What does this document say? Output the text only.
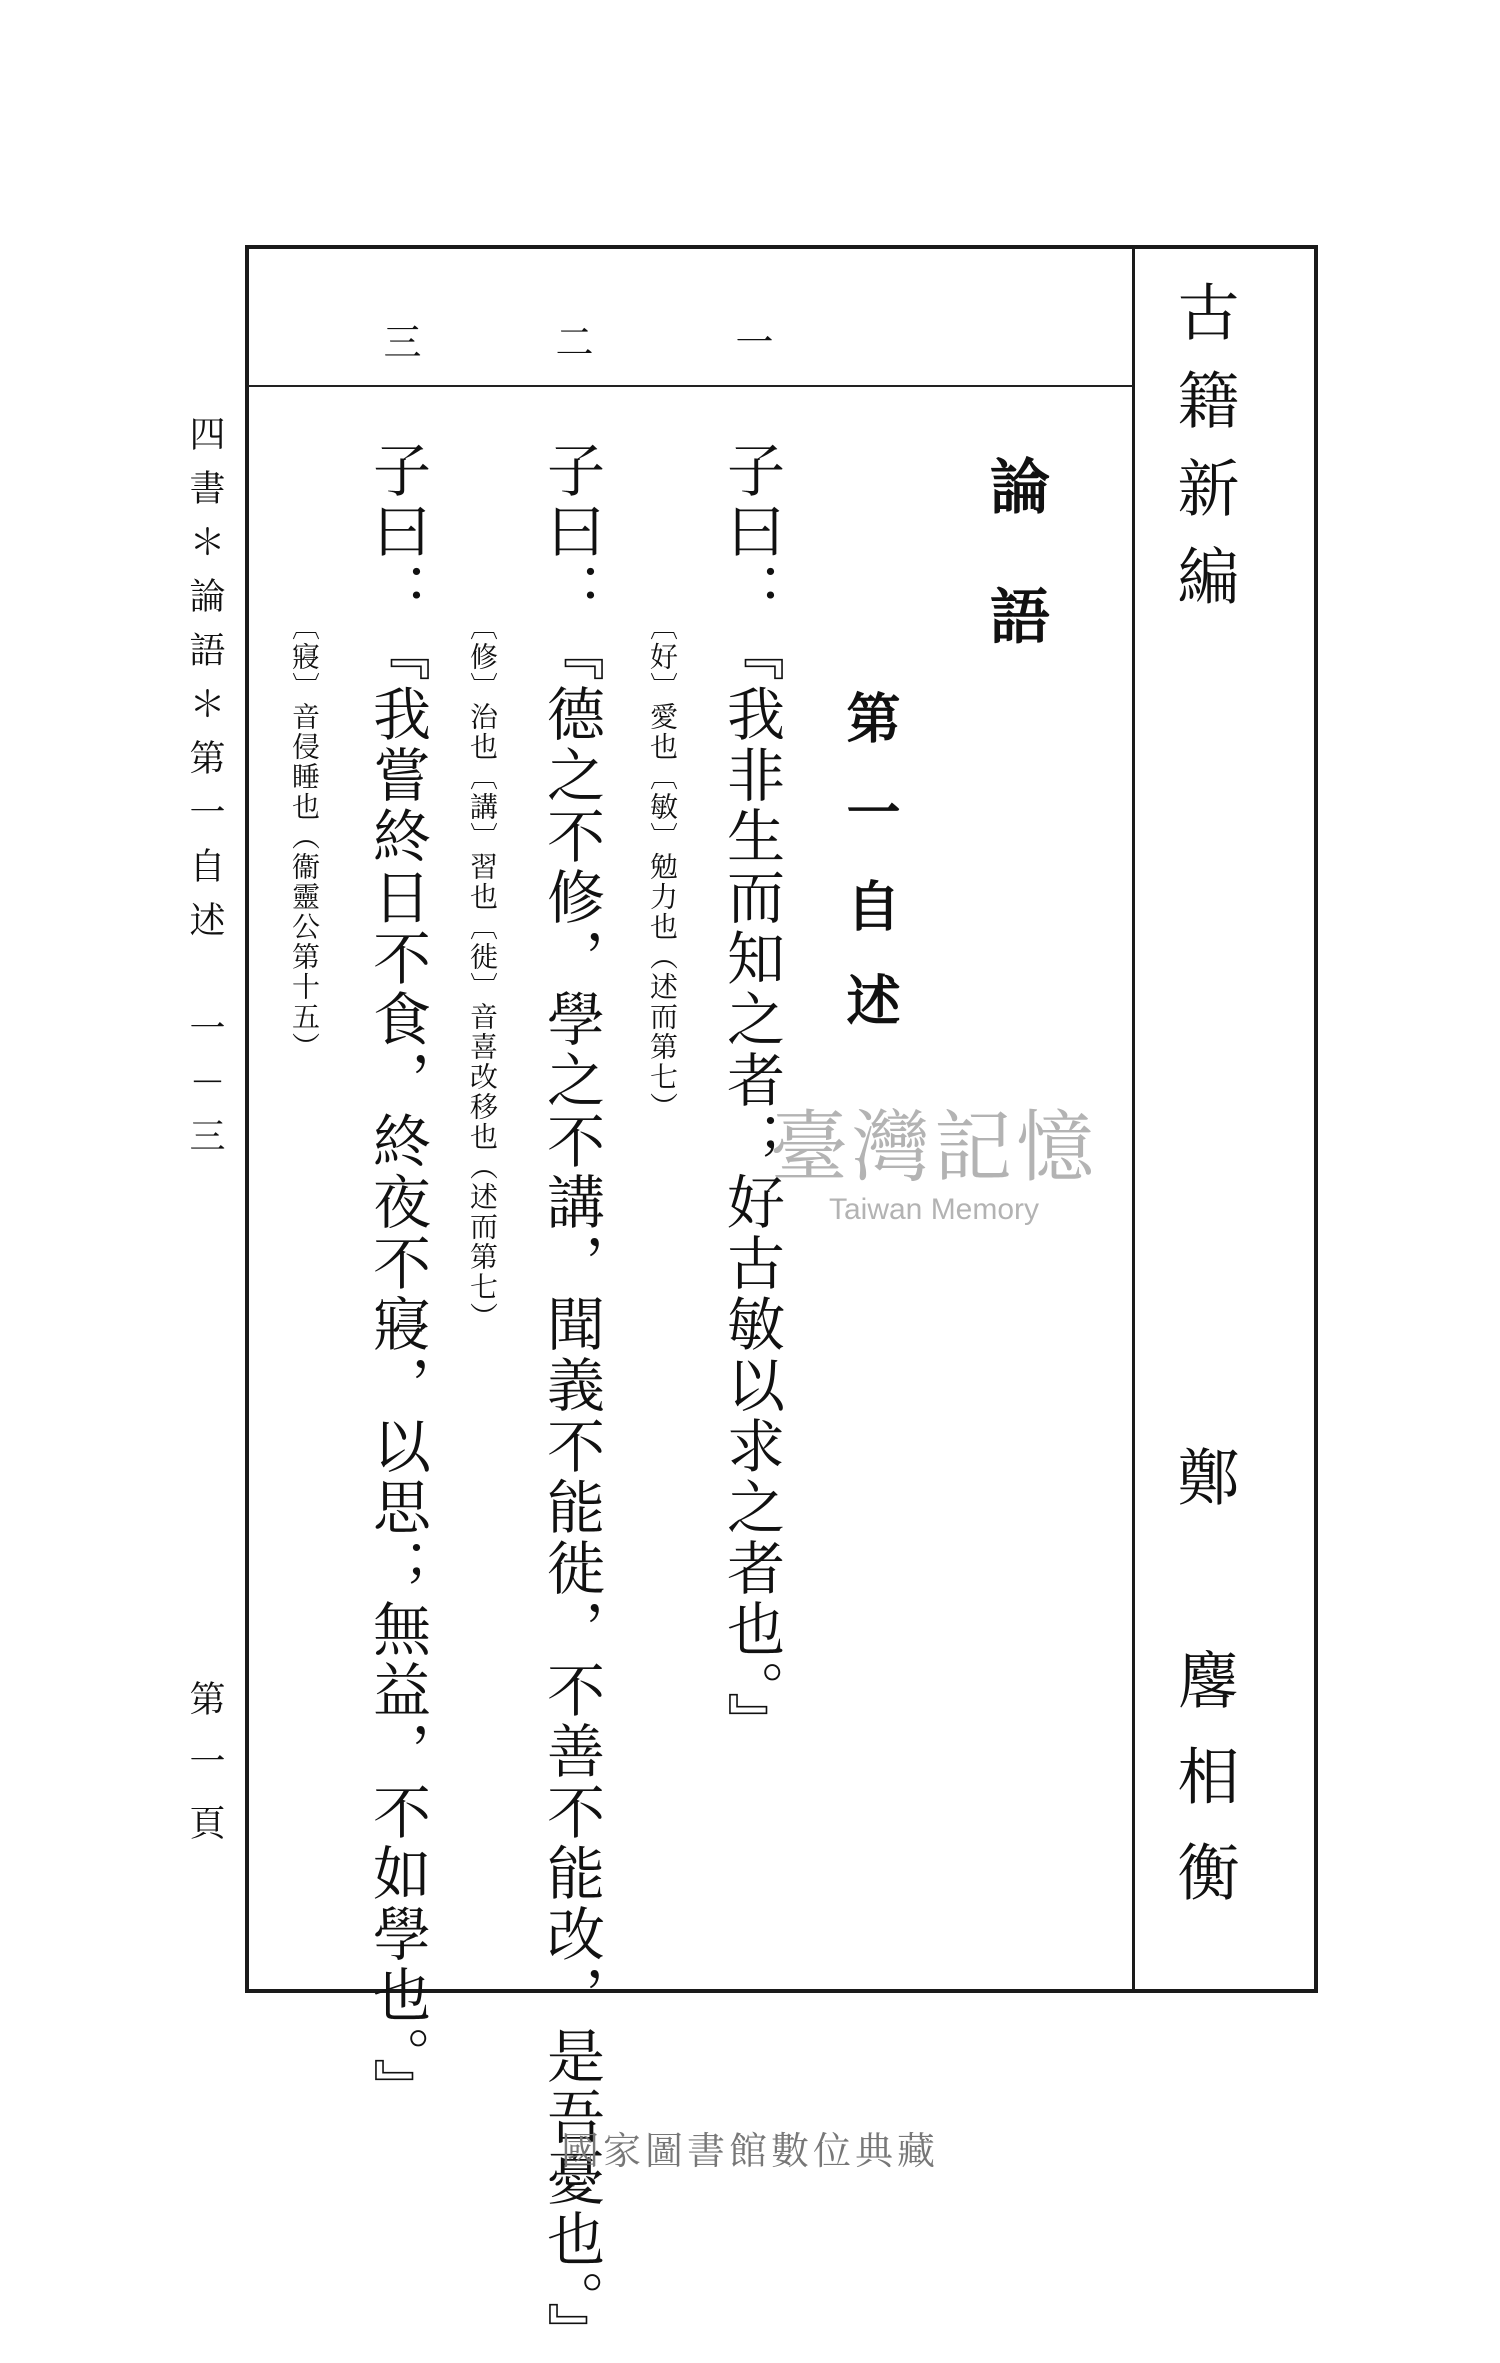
古籍新編
鄭 麐相衡
論語
第一自述
一
子曰：『我非生而知之者；好古敏以求之者也。』
〔好〕愛也〔敏〕勉力也（述而第七）
二
子曰：『德之不修，學之不講，聞義不能徙，不善不能改，是吾憂也。』
〔修〕治也〔講〕習也〔徙〕音喜改移也（述而第七）
三
子曰：『我嘗終日不食，終夜不寢，以思；無益，不如學也。』
〔寢〕音侵睡也（衞靈公第十五）
四書＊論語＊第一自述　一－三
第一頁
臺灣記憶
Taiwan Memory
國家圖書館數位典藏
